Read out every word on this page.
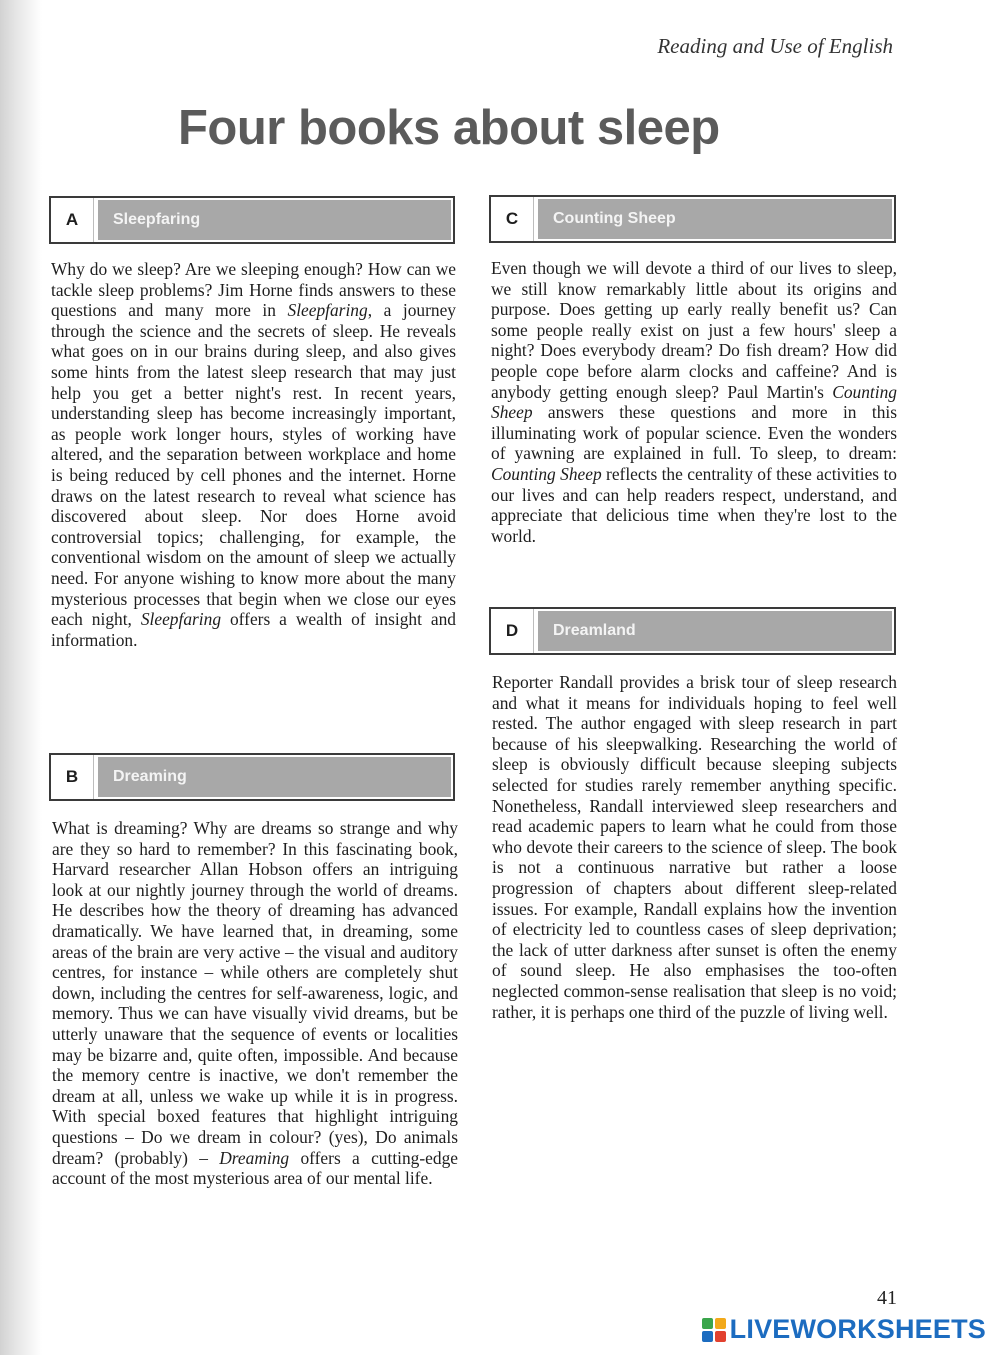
Reading and Use of English
Four books about sleep
A	Sleepfaring

Why do we sleep? Are we sleeping enough? How can we tackle sleep problems? Jim Horne finds answers to these questions and many more in Sleepfaring, a journey through the science and the secrets of sleep. He reveals what goes on in our brains during sleep, and also gives some hints from the latest sleep research that may just help you get a better night's rest. In recent years, understanding sleep has become increasingly important, as people work longer hours, styles of working have altered, and the separation between workplace and home is being reduced by cell phones and the internet. Horne draws on the latest research to reveal what science has discovered about sleep. Nor does Horne avoid controversial topics; challenging, for example, the conventional wisdom on the amount of sleep we actually need. For anyone wishing to know more about the many mysterious processes that begin when we close our eyes each night, Sleepfaring offers a wealth of insight and information.

B	Dreaming

What is dreaming? Why are dreams so strange and why are they so hard to remember? In this fascinating book, Harvard researcher Allan Hobson offers an intriguing look at our nightly journey through the world of dreams. He describes how the theory of dreaming has advanced dramatically. We have learned that, in dreaming, some areas of the brain are very active – the visual and auditory centres, for instance – while others are completely shut down, including the centres for self-awareness, logic, and memory. Thus we can have visually vivid dreams, but be utterly unaware that the sequence of events or localities may be bizarre and, quite often, impossible. And because the memory centre is inactive, we don't remember the dream at all, unless we wake up while it is in progress. With special boxed features that highlight intriguing questions – Do we dream in colour? (yes), Do animals dream? (probably) – Dreaming offers a cutting-edge account of the most mysterious area of our mental life.

C	Counting Sheep

Even though we will devote a third of our lives to sleep, we still know remarkably little about its origins and purpose. Does getting up early really benefit us? Can some people really exist on just a few hours' sleep a night? Does everybody dream? Do fish dream? How did people cope before alarm clocks and caffeine? And is anybody getting enough sleep? Paul Martin's Counting Sheep answers these questions and more in this illuminating work of popular science. Even the wonders of yawning are explained in full. To sleep, to dream: Counting Sheep reflects the centrality of these activities to our lives and can help readers respect, understand, and appreciate that delicious time when they're lost to the world.

D	Dreamland

Reporter Randall provides a brisk tour of sleep research and what it means for individuals hoping to feel well rested. The author engaged with sleep research in part because of his sleepwalking. Researching the world of sleep is obviously difficult because sleeping subjects selected for studies rarely remember anything specific. Nonetheless, Randall interviewed sleep researchers and read academic papers to learn what he could from those who devote their careers to the science of sleep. The book is not a continuous narrative but rather a loose progression of chapters about different sleep-related issues. For example, Randall explains how the invention of electricity led to countless cases of sleep deprivation; the lack of utter darkness after sunset is often the enemy of sound sleep. He also emphasises the too-often neglected common-sense realisation that sleep is no void; rather, it is perhaps one third of the puzzle of living well.

41
LIVEWORKSHEETS
